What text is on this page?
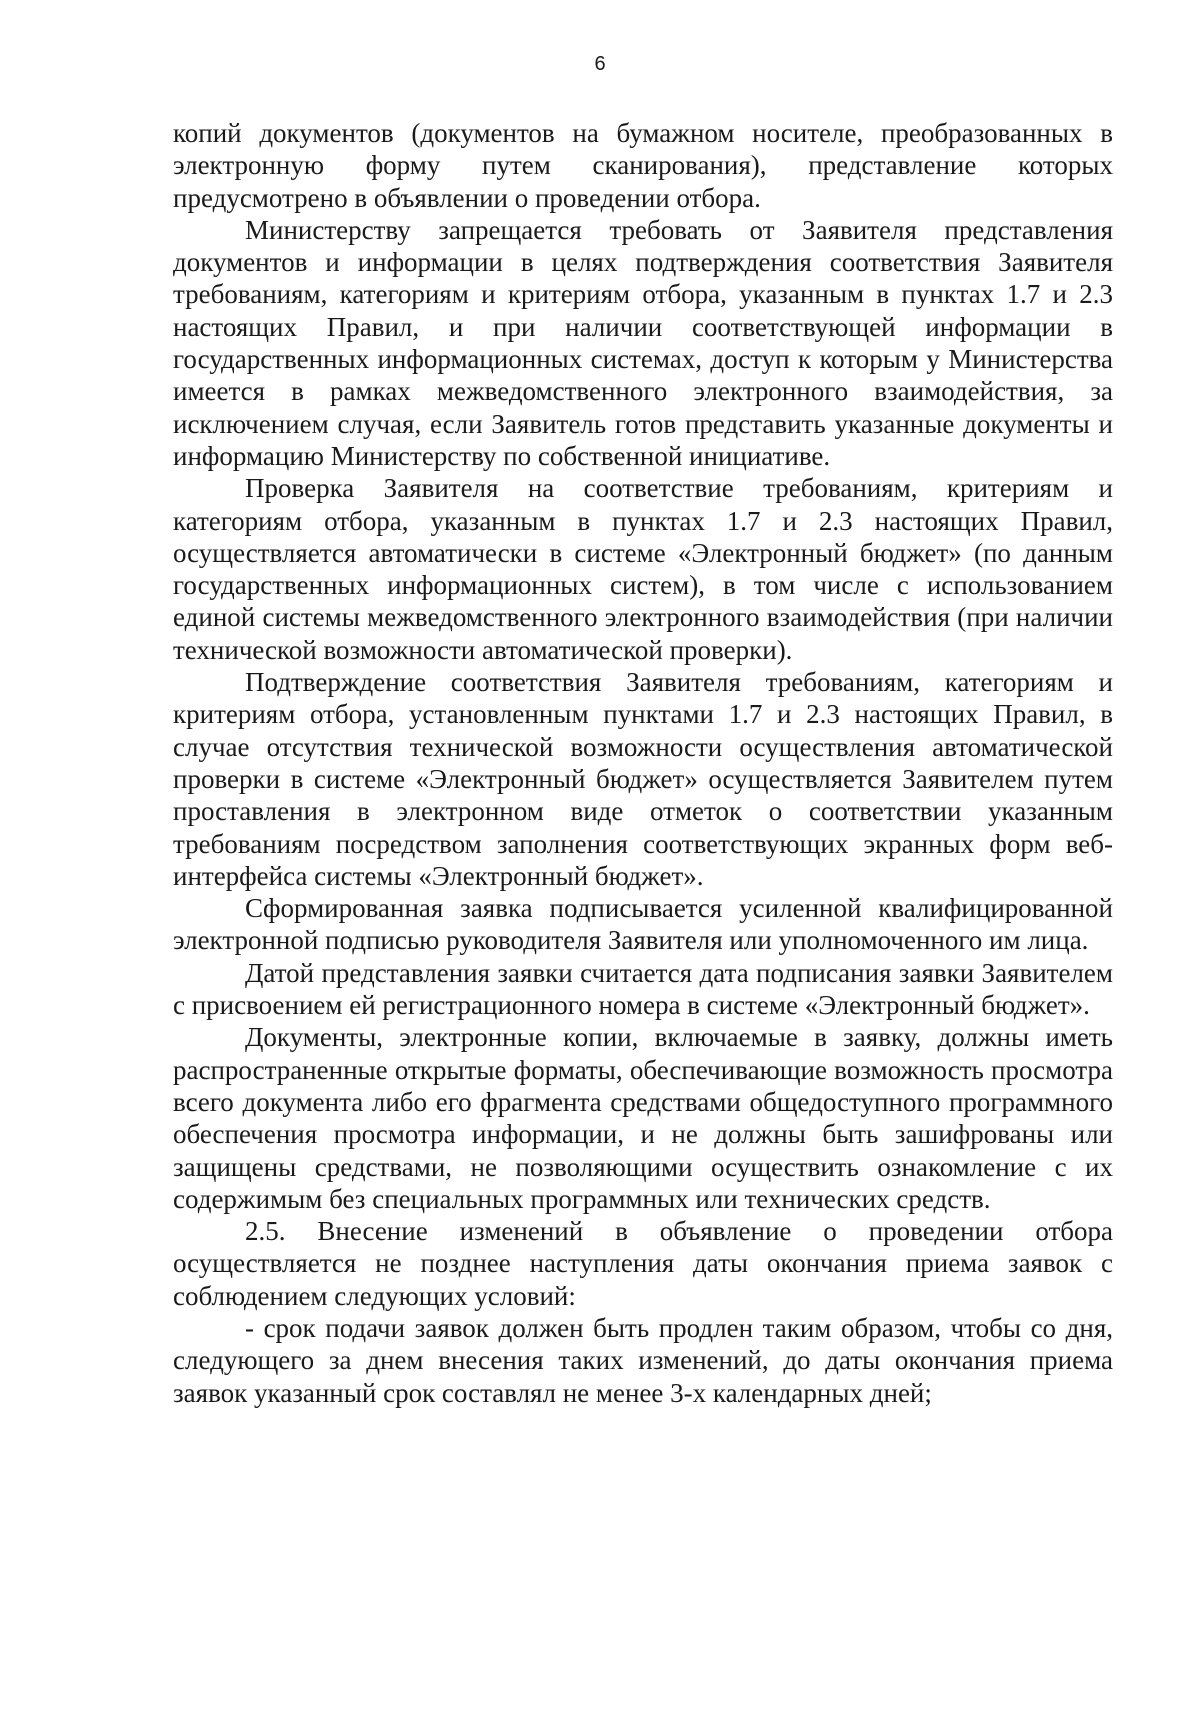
6

копий документов (документов на бумажном носителе, преобразованных в электронную форму путем сканирования), представление которых предусмотрено в объявлении о проведении отбора.

Министерству запрещается требовать от Заявителя представления документов и информации в целях подтверждения соответствия Заявителя требованиям, категориям и критериям отбора, указанным в пунктах 1.7 и 2.3 настоящих Правил, и при наличии соответствующей информации в государственных информационных системах, доступ к которым у Министерства имеется в рамках межведомственного электронного взаимодействия, за исключением случая, если Заявитель готов представить указанные документы и информацию Министерству по собственной инициативе.

Проверка Заявителя на соответствие требованиям, критериям и категориям отбора, указанным в пунктах 1.7 и 2.3 настоящих Правил, осуществляется автоматически в системе «Электронный бюджет» (по данным государственных информационных систем), в том числе с использованием единой системы межведомственного электронного взаимодействия (при наличии технической возможности автоматической проверки).

Подтверждение соответствия Заявителя требованиям, категориям и критериям отбора, установленным пунктами 1.7 и 2.3 настоящих Правил, в случае отсутствия технической возможности осуществления автоматической проверки в системе «Электронный бюджет» осуществляется Заявителем путем проставления в электронном виде отметок о соответствии указанным требованиям посредством заполнения соответствующих экранных форм веб-интерфейса системы «Электронный бюджет».

Сформированная заявка подписывается усиленной квалифицированной электронной подписью руководителя Заявителя или уполномоченного им лица.

Датой представления заявки считается дата подписания заявки Заявителем с присвоением ей регистрационного номера в системе «Электронный бюджет».

Документы, электронные копии, включаемые в заявку, должны иметь распространенные открытые форматы, обеспечивающие возможность просмотра всего документа либо его фрагмента средствами общедоступного программного обеспечения просмотра информации, и не должны быть зашифрованы или защищены средствами, не позволяющими осуществить ознакомление с их содержимым без специальных программных или технических средств.

2.5. Внесение изменений в объявление о проведении отбора осуществляется не позднее наступления даты окончания приема заявок с соблюдением следующих условий:

- срок подачи заявок должен быть продлен таким образом, чтобы со дня, следующего за днем внесения таких изменений, до даты окончания приема заявок указанный срок составлял не менее 3-х календарных дней;
